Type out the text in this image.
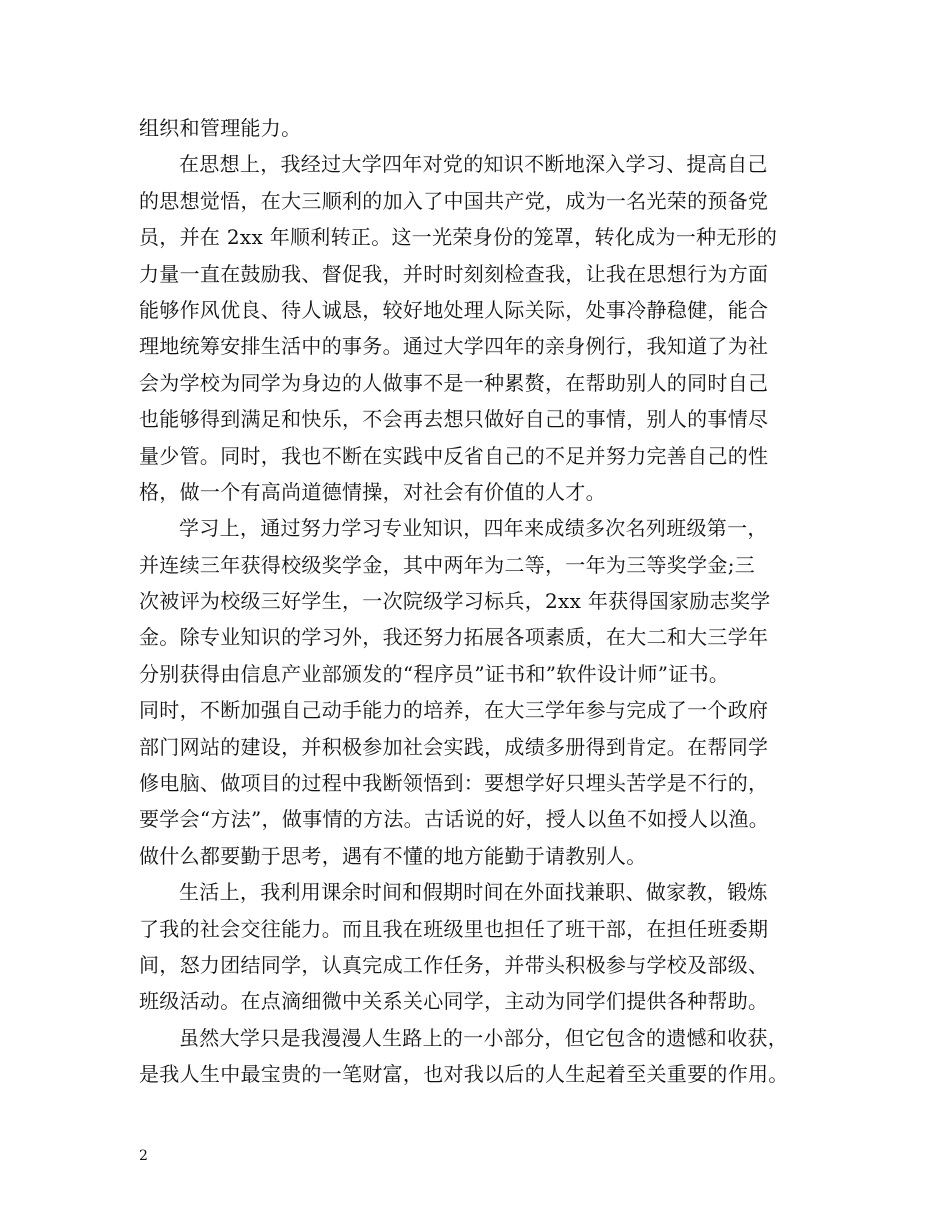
组织和管理能力。
在思想上，我经过大学四年对党的知识不断地深入学习、提高自己
的思想觉悟，在大三顺利的加入了中国共产党，成为一名光荣的预备党
员，并在 2xx 年顺利转正。这一光荣身份的笼罩，转化成为一种无形的
力量一直在鼓励我、督促我，并时时刻刻检查我，让我在思想行为方面
能够作风优良、待人诚恳，较好地处理人际关际，处事冷静稳健，能合
理地统筹安排生活中的事务。通过大学四年的亲身例行，我知道了为社
会为学校为同学为身边的人做事不是一种累赘，在帮助别人的同时自己
也能够得到满足和快乐，不会再去想只做好自己的事情，别人的事情尽
量少管。同时，我也不断在实践中反省自己的不足并努力完善自己的性
格，做一个有高尚道德情操，对社会有价值的人才。
学习上，通过努力学习专业知识，四年来成绩多次名列班级第一，
并连续三年获得校级奖学金，其中两年为二等，一年为三等奖学金;三
次被评为校级三好学生，一次院级学习标兵，2xx 年获得国家励志奖学
金。除专业知识的学习外，我还努力拓展各项素质，在大二和大三学年
分别获得由信息产业部颁发的“程序员”证书和”软件设计师”证书。
同时，不断加强自己动手能力的培养，在大三学年参与完成了一个政府
部门网站的建设，并积极参加社会实践，成绩多册得到肯定。在帮同学
修电脑、做项目的过程中我断领悟到：要想学好只埋头苦学是不行的，
要学会“方法”，做事情的方法。古话说的好，授人以鱼不如授人以渔。
做什么都要勤于思考，遇有不懂的地方能勤于请教别人。
生活上，我利用课余时间和假期时间在外面找兼职、做家教，锻炼
了我的社会交往能力。而且我在班级里也担任了班干部，在担任班委期
间，怒力团结同学，认真完成工作任务，并带头积极参与学校及部级、
班级活动。在点滴细微中关系关心同学，主动为同学们提供各种帮助。
虽然大学只是我漫漫人生路上的一小部分，但它包含的遗憾和收获，
是我人生中最宝贵的一笔财富，也对我以后的人生起着至关重要的作用。
2
